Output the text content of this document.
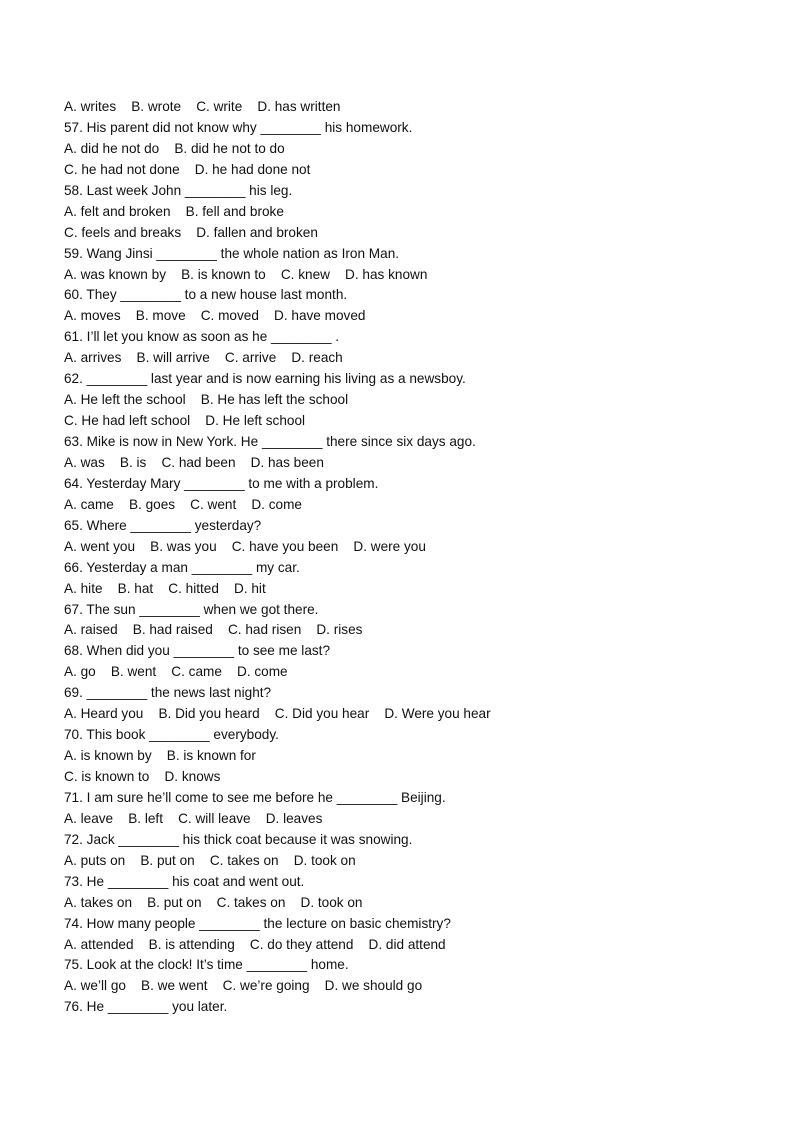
A. writes    B. wrote    C. write    D. has written
57. His parent did not know why ________ his homework.
A. did he not do    B. did he not to do
C. he had not done    D. he had done not
58. Last week John ________ his leg.
A. felt and broken    B. fell and broke
C. feels and breaks    D. fallen and broken
59. Wang Jinsi ________ the whole nation as Iron Man.
A. was known by    B. is known to    C. knew    D. has known
60. They ________ to a new house last month.
A. moves    B. move    C. moved    D. have moved
61. I’ll let you know as soon as he ________ .
A. arrives    B. will arrive    C. arrive    D. reach
62. ________ last year and is now earning his living as a newsboy.
A. He left the school    B. He has left the school
C. He had left school    D. He left school
63. Mike is now in New York. He ________ there since six days ago.
A. was    B. is    C. had been    D. has been
64. Yesterday Mary ________ to me with a problem.
A. came    B. goes    C. went    D. come
65. Where ________ yesterday?
A. went you    B. was you    C. have you been    D. were you
66. Yesterday a man ________ my car.
A. hite    B. hat    C. hitted    D. hit
67. The sun ________ when we got there.
A. raised    B. had raised    C. had risen    D. rises
68. When did you ________ to see me last?
A. go    B. went    C. came    D. come
69. ________ the news last night?
A. Heard you    B. Did you heard    C. Did you hear    D. Were you hear
70. This book ________ everybody.
A. is known by    B. is known for
C. is known to    D. knows
71. I am sure he’ll come to see me before he ________ Beijing.
A. leave    B. left    C. will leave    D. leaves
72. Jack ________ his thick coat because it was snowing.
A. puts on    B. put on    C. takes on    D. took on
73. He ________ his coat and went out.
A. takes on    B. put on    C. takes on    D. took on
74. How many people ________ the lecture on basic chemistry?
A. attended    B. is attending    C. do they attend    D. did attend
75. Look at the clock! It’s time ________ home.
A. we’ll go    B. we went    C. we’re going    D. we should go
76. He ________ you later.
